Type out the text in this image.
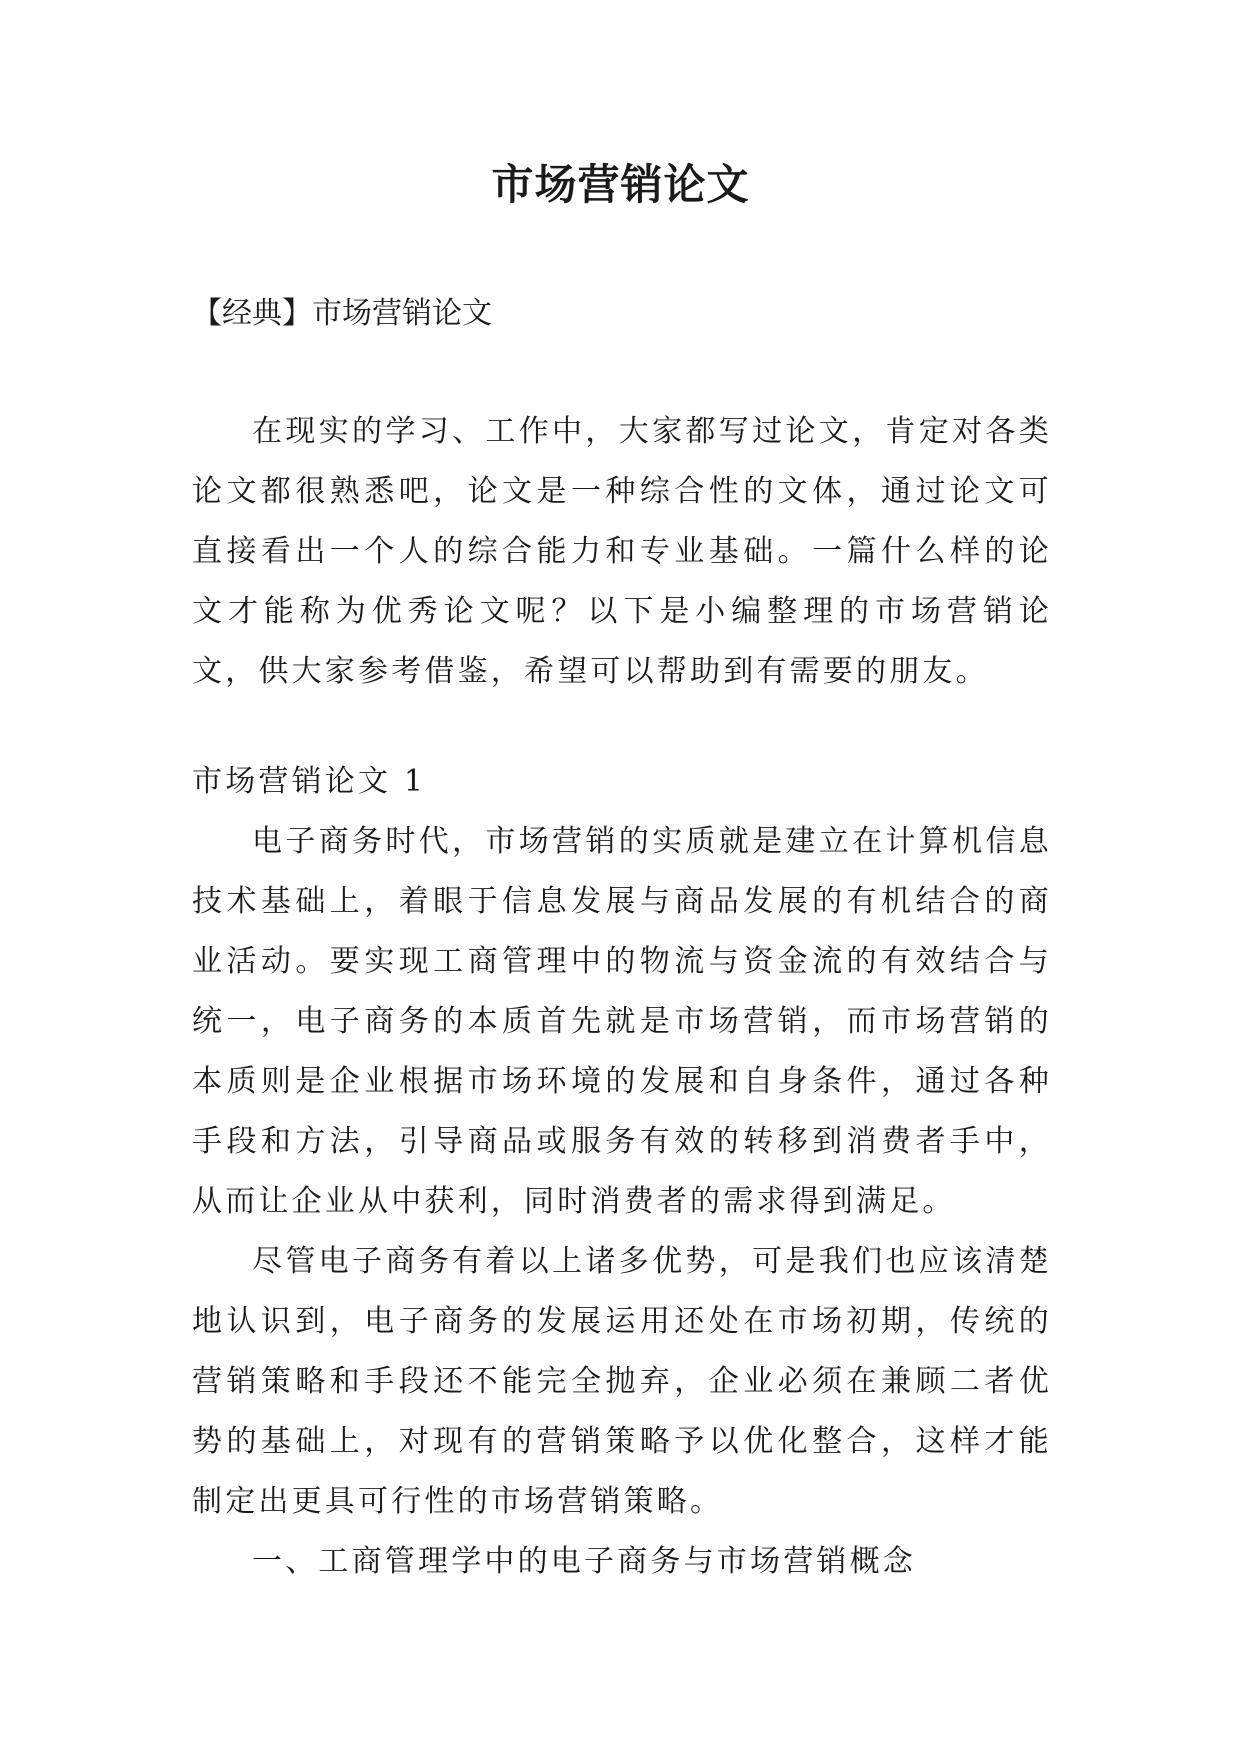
市场营销论文
【经典】市场营销论文

在现实的学习、工作中，大家都写过论文，肯定对各类论文都很熟悉吧，论文是一种综合性的文体，通过论文可直接看出一个人的综合能力和专业基础。一篇什么样的论文才能称为优秀论文呢？以下是小编整理的市场营销论文，供大家参考借鉴，希望可以帮助到有需要的朋友。

市场营销论文 1

电子商务时代，市场营销的实质就是建立在计算机信息技术基础上，着眼于信息发展与商品发展的有机结合的商业活动。要实现工商管理中的物流与资金流的有效结合与统一，电子商务的本质首先就是市场营销，而市场营销的本质则是企业根据市场环境的发展和自身条件，通过各种手段和方法，引导商品或服务有效的转移到消费者手中，从而让企业从中获利，同时消费者的需求得到满足。

尽管电子商务有着以上诸多优势，可是我们也应该清楚地认识到，电子商务的发展运用还处在市场初期，传统的营销策略和手段还不能完全抛弃，企业必须在兼顾二者优势的基础上，对现有的营销策略予以优化整合，这样才能制定出更具可行性的市场营销策略。

一、工商管理学中的电子商务与市场营销概念
